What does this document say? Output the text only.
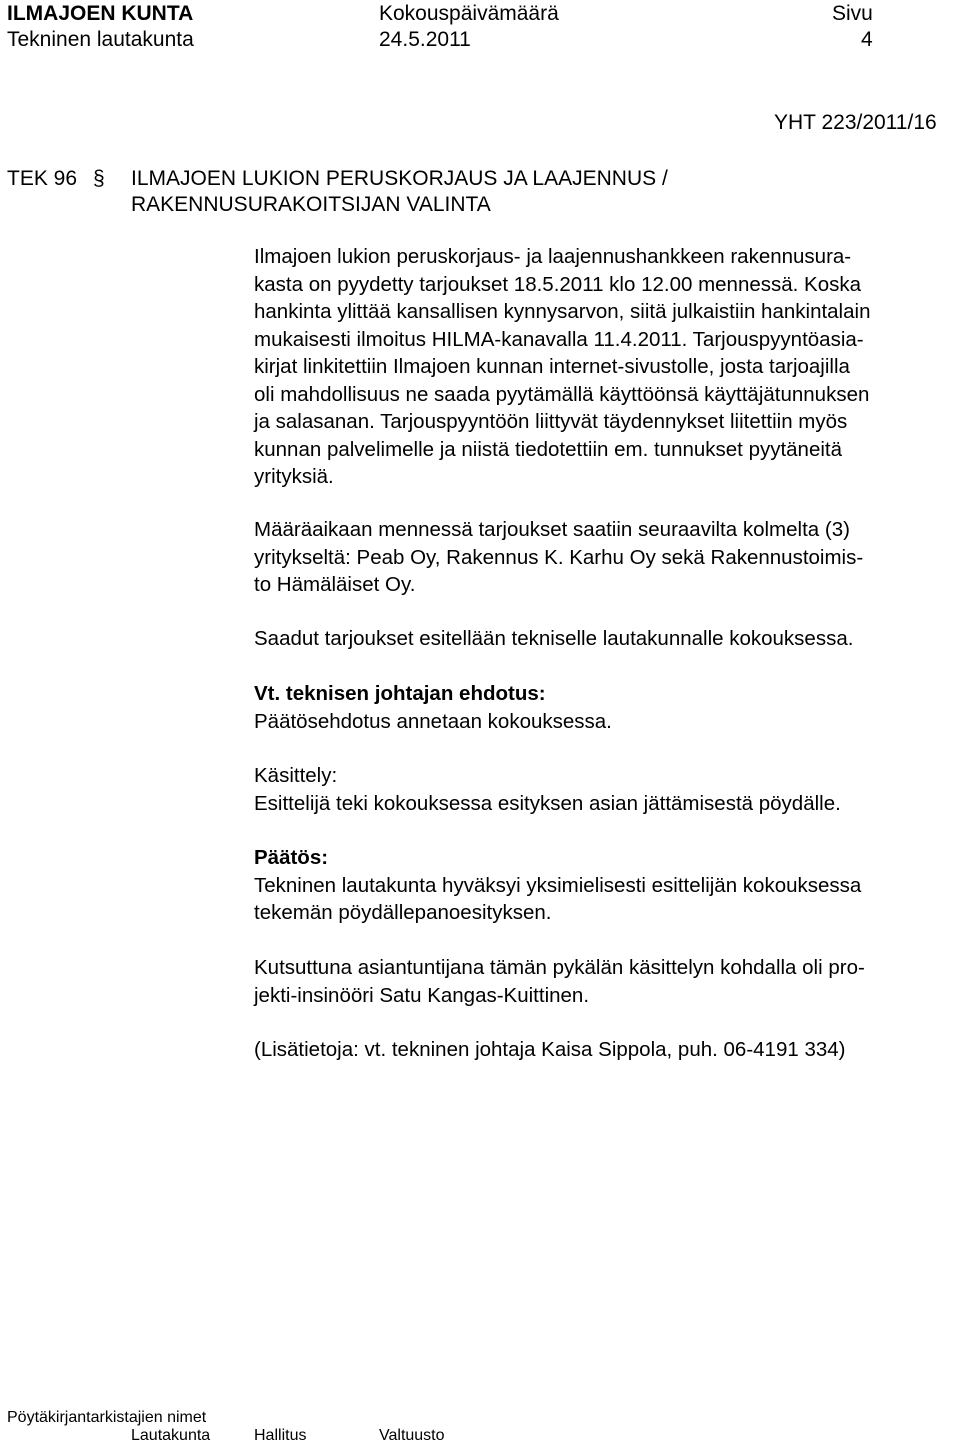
ILMAJOEN KUNTA	Kokouspäivämäärä	Sivu
Tekninen lautakunta	24.5.2011	4
YHT 223/2011/16
TEK 96 § ILMAJOEN LUKION PERUSKORJAUS JA LAAJENNUS /
RAKENNUSURAKOITSIJAN VALINTA
Ilmajoen lukion peruskorjaus- ja laajennushankkeen rakennusura-
kasta on pyydetty tarjoukset 18.5.2011 klo 12.00 mennessä. Koska
hankinta ylittää kansallisen kynnysarvon, siitä julkaistiin hankintalain
mukaisesti ilmoitus HILMA-kanavalla 11.4.2011. Tarjouspyyntöasia-
kirjat linkitettiin Ilmajoen kunnan internet-sivustolle, josta tarjoajilla
oli mahdollisuus ne saada pyytämällä käyttöönsä käyttäjätunnuksen
ja salasanan. Tarjouspyyntöön liittyvät täydennykset liitettiin myös
kunnan palvelimelle ja niistä tiedotettiin em. tunnukset pyytäneitä
yrityksiä.
Määräaikaan mennessä tarjoukset saatiin seuraavilta kolmelta (3)
yritykseltä: Peab Oy, Rakennus K. Karhu Oy sekä Rakennustoimis-
to Hämäläiset Oy.
Saadut tarjoukset esitellään tekniselle lautakunnalle kokouksessa.
Vt. teknisen johtajan ehdotus:
Päätösehdotus annetaan kokouksessa.
Käsittely:
Esittelijä teki kokouksessa esityksen asian jättämisestä pöydälle.
Päätös:
Tekninen lautakunta hyväksyi yksimielisesti esittelijän kokouksessa
tekemän pöydällepanoesityksen.
Kutsuttuna asiantuntijana tämän pykälän käsittelyn kohdalla oli pro-
jekti-insinööri Satu Kangas-Kuittinen.
(Lisätietoja: vt. tekninen johtaja Kaisa Sippola, puh. 06-4191 334)
Pöytäkirjantarkistajien nimet
Lautakunta	Hallitus	Valtuusto
